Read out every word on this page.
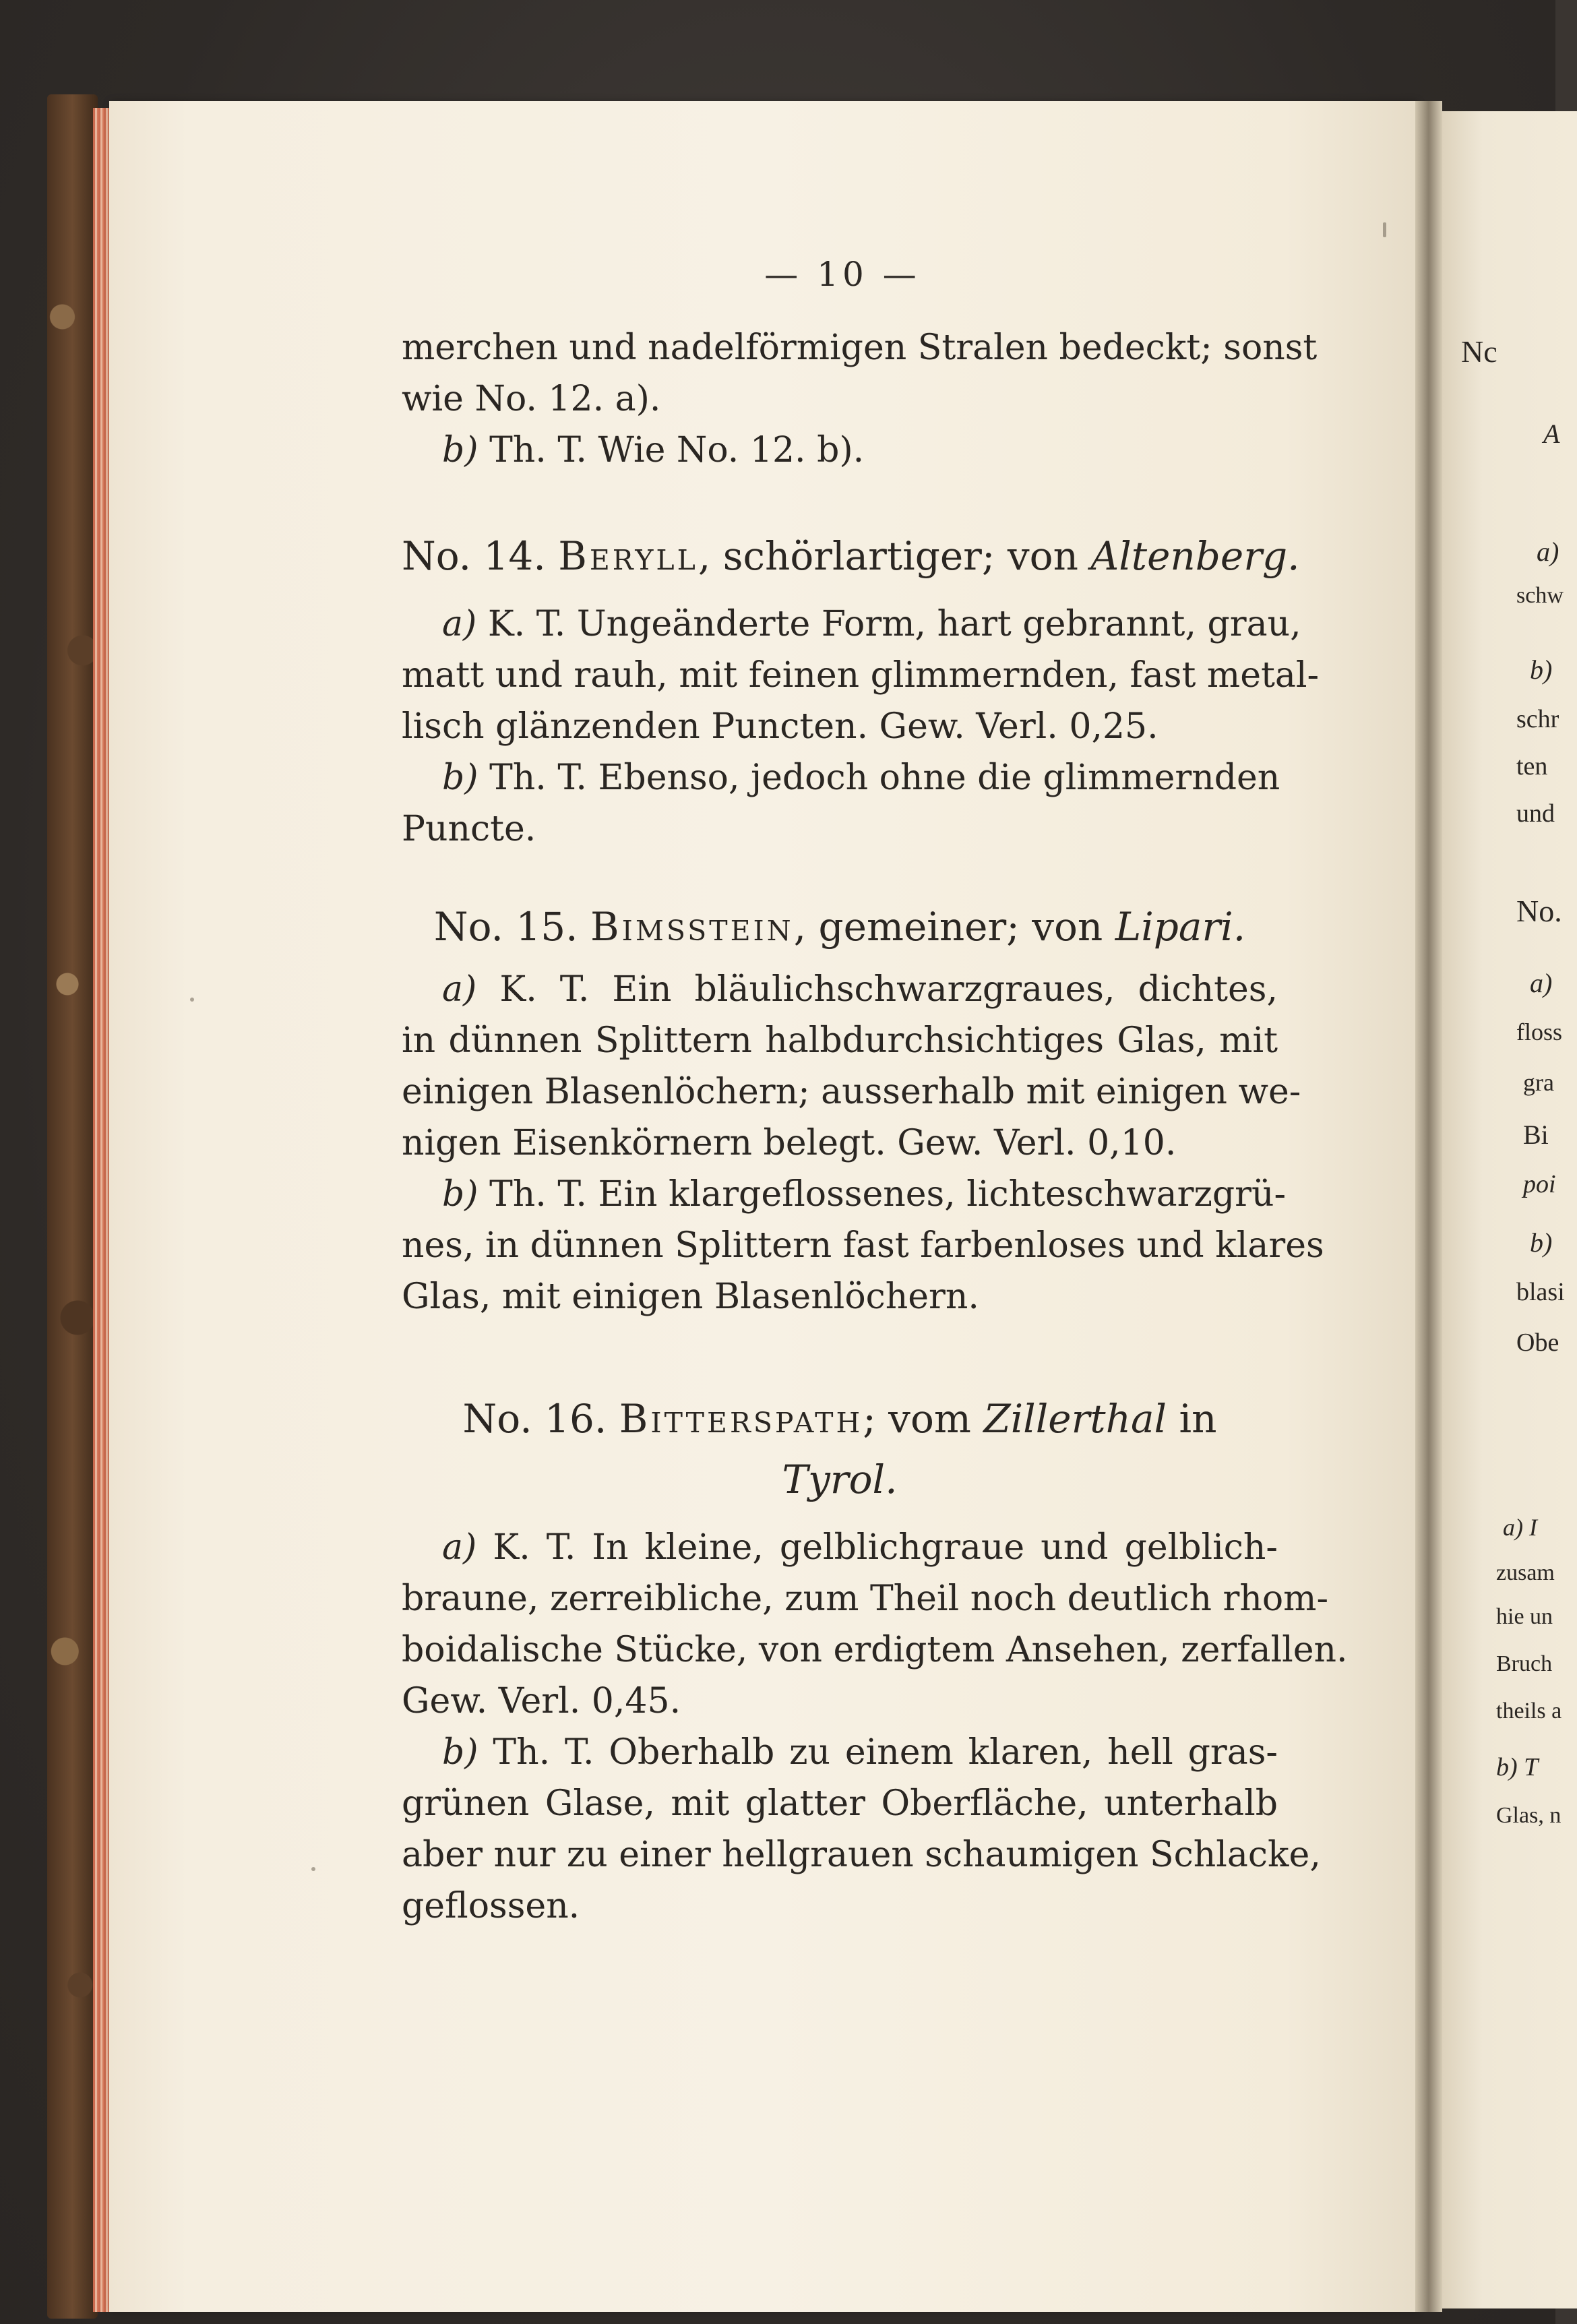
Nc
A
a)
schw
b)
schr
ten
und
No.
a)
floss
gra
Bi
poi
b)
blasi
Obe
a) I
zusam
hie un
Bruch
theils a
b) T
Glas, n
— 10 —
merchen und nadelförmigen Stralen bedeckt; sonst
wie No. 12. a).
b) Th. T. Wie No. 12. b).
No. 14. Beryll, schörlartiger; von Altenberg.
a) K. T. Ungeänderte Form, hart gebrannt, grau,
matt und rauh, mit feinen glimmernden, fast metal-
lisch glänzenden Puncten. Gew. Verl. 0,25.
b) Th. T. Ebenso, jedoch ohne die glimmernden
Puncte.
No. 15. Bimsstein, gemeiner; von Lipari.
a) K. T. Ein bläulichschwarzgraues, dichtes,
in dünnen Splittern halbdurchsichtiges Glas, mit
einigen Blasenlöchern; ausserhalb mit einigen we-
nigen Eisenkörnern belegt. Gew. Verl. 0,10.
b) Th. T. Ein klargeflossenes, lichteschwarzgrü-
nes, in dünnen Splittern fast farbenloses und klares
Glas, mit einigen Blasenlöchern.
No. 16. Bitterspath; vom Zillerthal in
Tyrol.
a) K. T. In kleine, gelblichgraue und gelblich-
braune, zerreibliche, zum Theil noch deutlich rhom-
boidalische Stücke, von erdigtem Ansehen, zerfallen.
Gew. Verl. 0,45.
b) Th. T. Oberhalb zu einem klaren, hell gras-
grünen Glase, mit glatter Oberfläche, unterhalb
aber nur zu einer hellgrauen schaumigen Schlacke,
geflossen.
